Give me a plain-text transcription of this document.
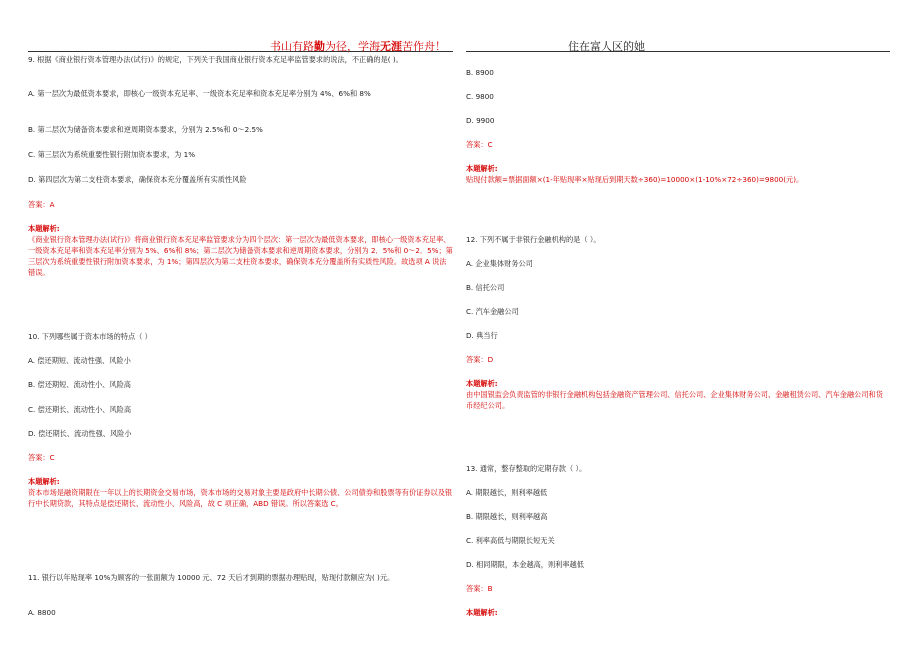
书山有路勤为径，学海无涯苦作舟！	住在富人区的她
9. 根据《商业银行资本管理办法(试行)》的规定，下列关于我国商业银行资本充足率监管要求的说法，不正确的是( )。
A. 第一层次为最低资本要求，即核心一级资本充足率、一级资本充足率和资本充足率分别为 4%、6%和 8%
B. 第二层次为储备资本要求和逆周期资本要求，分别为 2.5%和 0～2.5%
C. 第三层次为系统重要性银行附加资本要求，为 1%
D. 第四层次为第二支柱资本要求，确保资本充分覆盖所有实质性风险
答案：A
本题解析:
《商业银行资本管理办法(试行)》将商业银行资本充足率监管要求分为四个层次：第一层次为最低资本要求，即核心一级资本充足率、一级资本充足率和资本充足率分别为 5%、6%和 8%；第二层次为储备资本要求和逆周期资本要求，分别为 2．5%和 0～2．5%；第三层次为系统重要性银行附加资本要求，为 1%；第四层次为第二支柱资本要求，确保资本充分覆盖所有实质性风险。故选项 A 说法错误。
10. 下列哪些属于资本市场的特点（ ）
A. 偿还期短、流动性强、风险小
B. 偿还期短、流动性小、风险高
C. 偿还期长、流动性小、风险高
D. 偿还期长、流动性强、风险小
答案：C
本题解析:
资本市场是融资期限在一年以上的长期资金交易市场，资本市场的交易对象主要是政府中长期公债、公司债券和股票等有价证券以及银行中长期贷款，其特点是偿还期长、流动性小、风险高，故 C 项正确，ABD 错误。所以答案选 C。
11. 银行以年贴现率 10%为顾客的一张面额为 10000 元、72 天后才到期的票据办理贴现，贴现付款额应为( )元。
A. 8800
B. 8900
C. 9800
D. 9900
答案：C
本题解析:
贴现付款额=票据面额×(1-年贴现率×贴现后到期天数÷360)=10000×(1-10%×72÷360)=9800(元)。
12. 下列不属于非银行金融机构的是（ ）。
A. 企业集体财务公司
B. 信托公司
C. 汽车金融公司
D. 典当行
答案：D
本题解析:
由中国银监会负责监管的非银行金融机构包括金融资产管理公司、信托公司、企业集体财务公司、金融租赁公司、汽车金融公司和货币经纪公司。
13. 通常，整存整取的定期存款（ ）。
A. 期限越长，则利率越低
B. 期限越长，则利率越高
C. 利率高低与期限长短无关
D. 相同期限，本金越高，则利率越低
答案：B
本题解析:
